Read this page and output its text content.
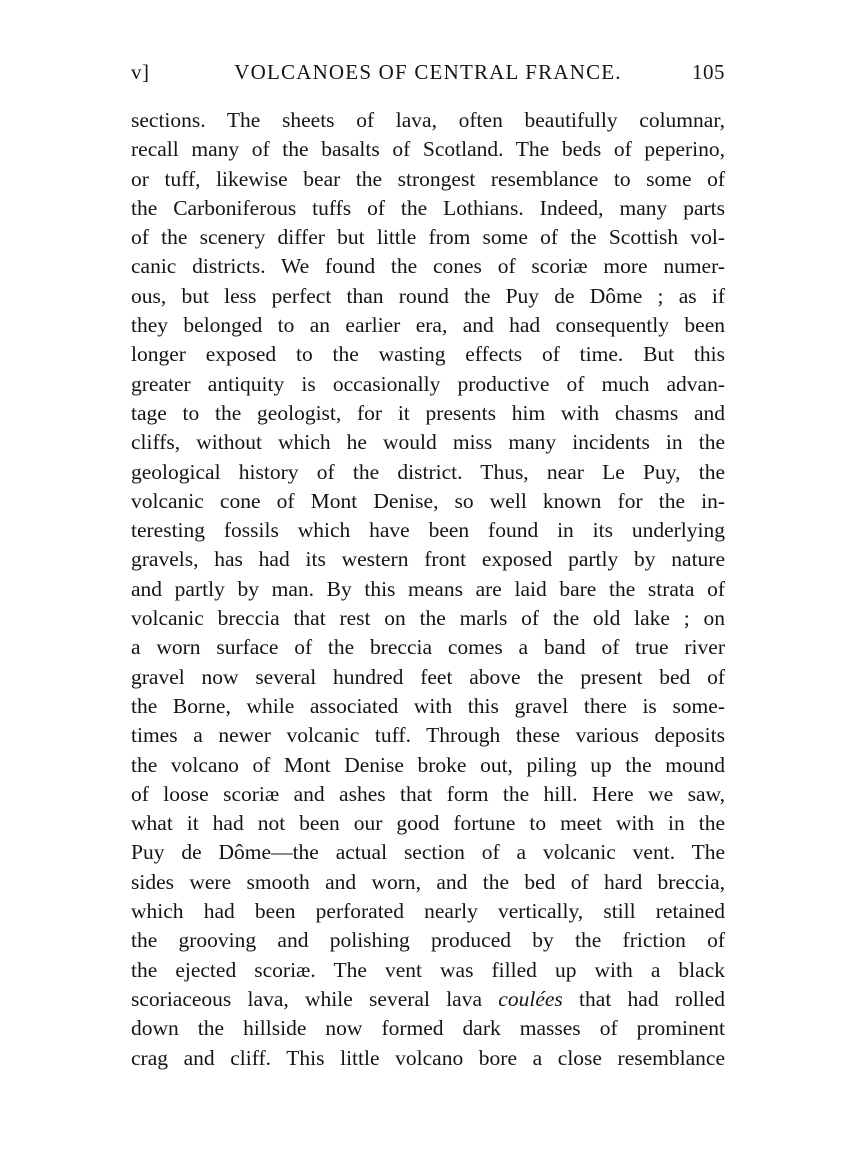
v]	VOLCANOES OF CENTRAL FRANCE.	105
sections. The sheets of lava, often beautifully columnar,
recall many of the basalts of Scotland. The beds of peperino,
or tuff, likewise bear the strongest resemblance to some of
the Carboniferous tuffs of the Lothians. Indeed, many parts
of the scenery differ but little from some of the Scottish vol-
canic districts. We found the cones of scoriæ more numer-
ous, but less perfect than round the Puy de Dôme ; as if
they belonged to an earlier era, and had consequently been
longer exposed to the wasting effects of time. But this
greater antiquity is occasionally productive of much advan-
tage to the geologist, for it presents him with chasms and
cliffs, without which he would miss many incidents in the
geological history of the district. Thus, near Le Puy, the
volcanic cone of Mont Denise, so well known for the in-
teresting fossils which have been found in its underlying
gravels, has had its western front exposed partly by nature
and partly by man. By this means are laid bare the strata of
volcanic breccia that rest on the marls of the old lake ; on
a worn surface of the breccia comes a band of true river
gravel now several hundred feet above the present bed of
the Borne, while associated with this gravel there is some-
times a newer volcanic tuff. Through these various deposits
the volcano of Mont Denise broke out, piling up the mound
of loose scoriæ and ashes that form the hill. Here we saw,
what it had not been our good fortune to meet with in the
Puy de Dôme—the actual section of a volcanic vent. The
sides were smooth and worn, and the bed of hard breccia,
which had been perforated nearly vertically, still retained
the grooving and polishing produced by the friction of
the ejected scoriæ. The vent was filled up with a black
scoriaceous lava, while several lava coulées that had rolled
down the hillside now formed dark masses of prominent
crag and cliff. This little volcano bore a close resemblance
